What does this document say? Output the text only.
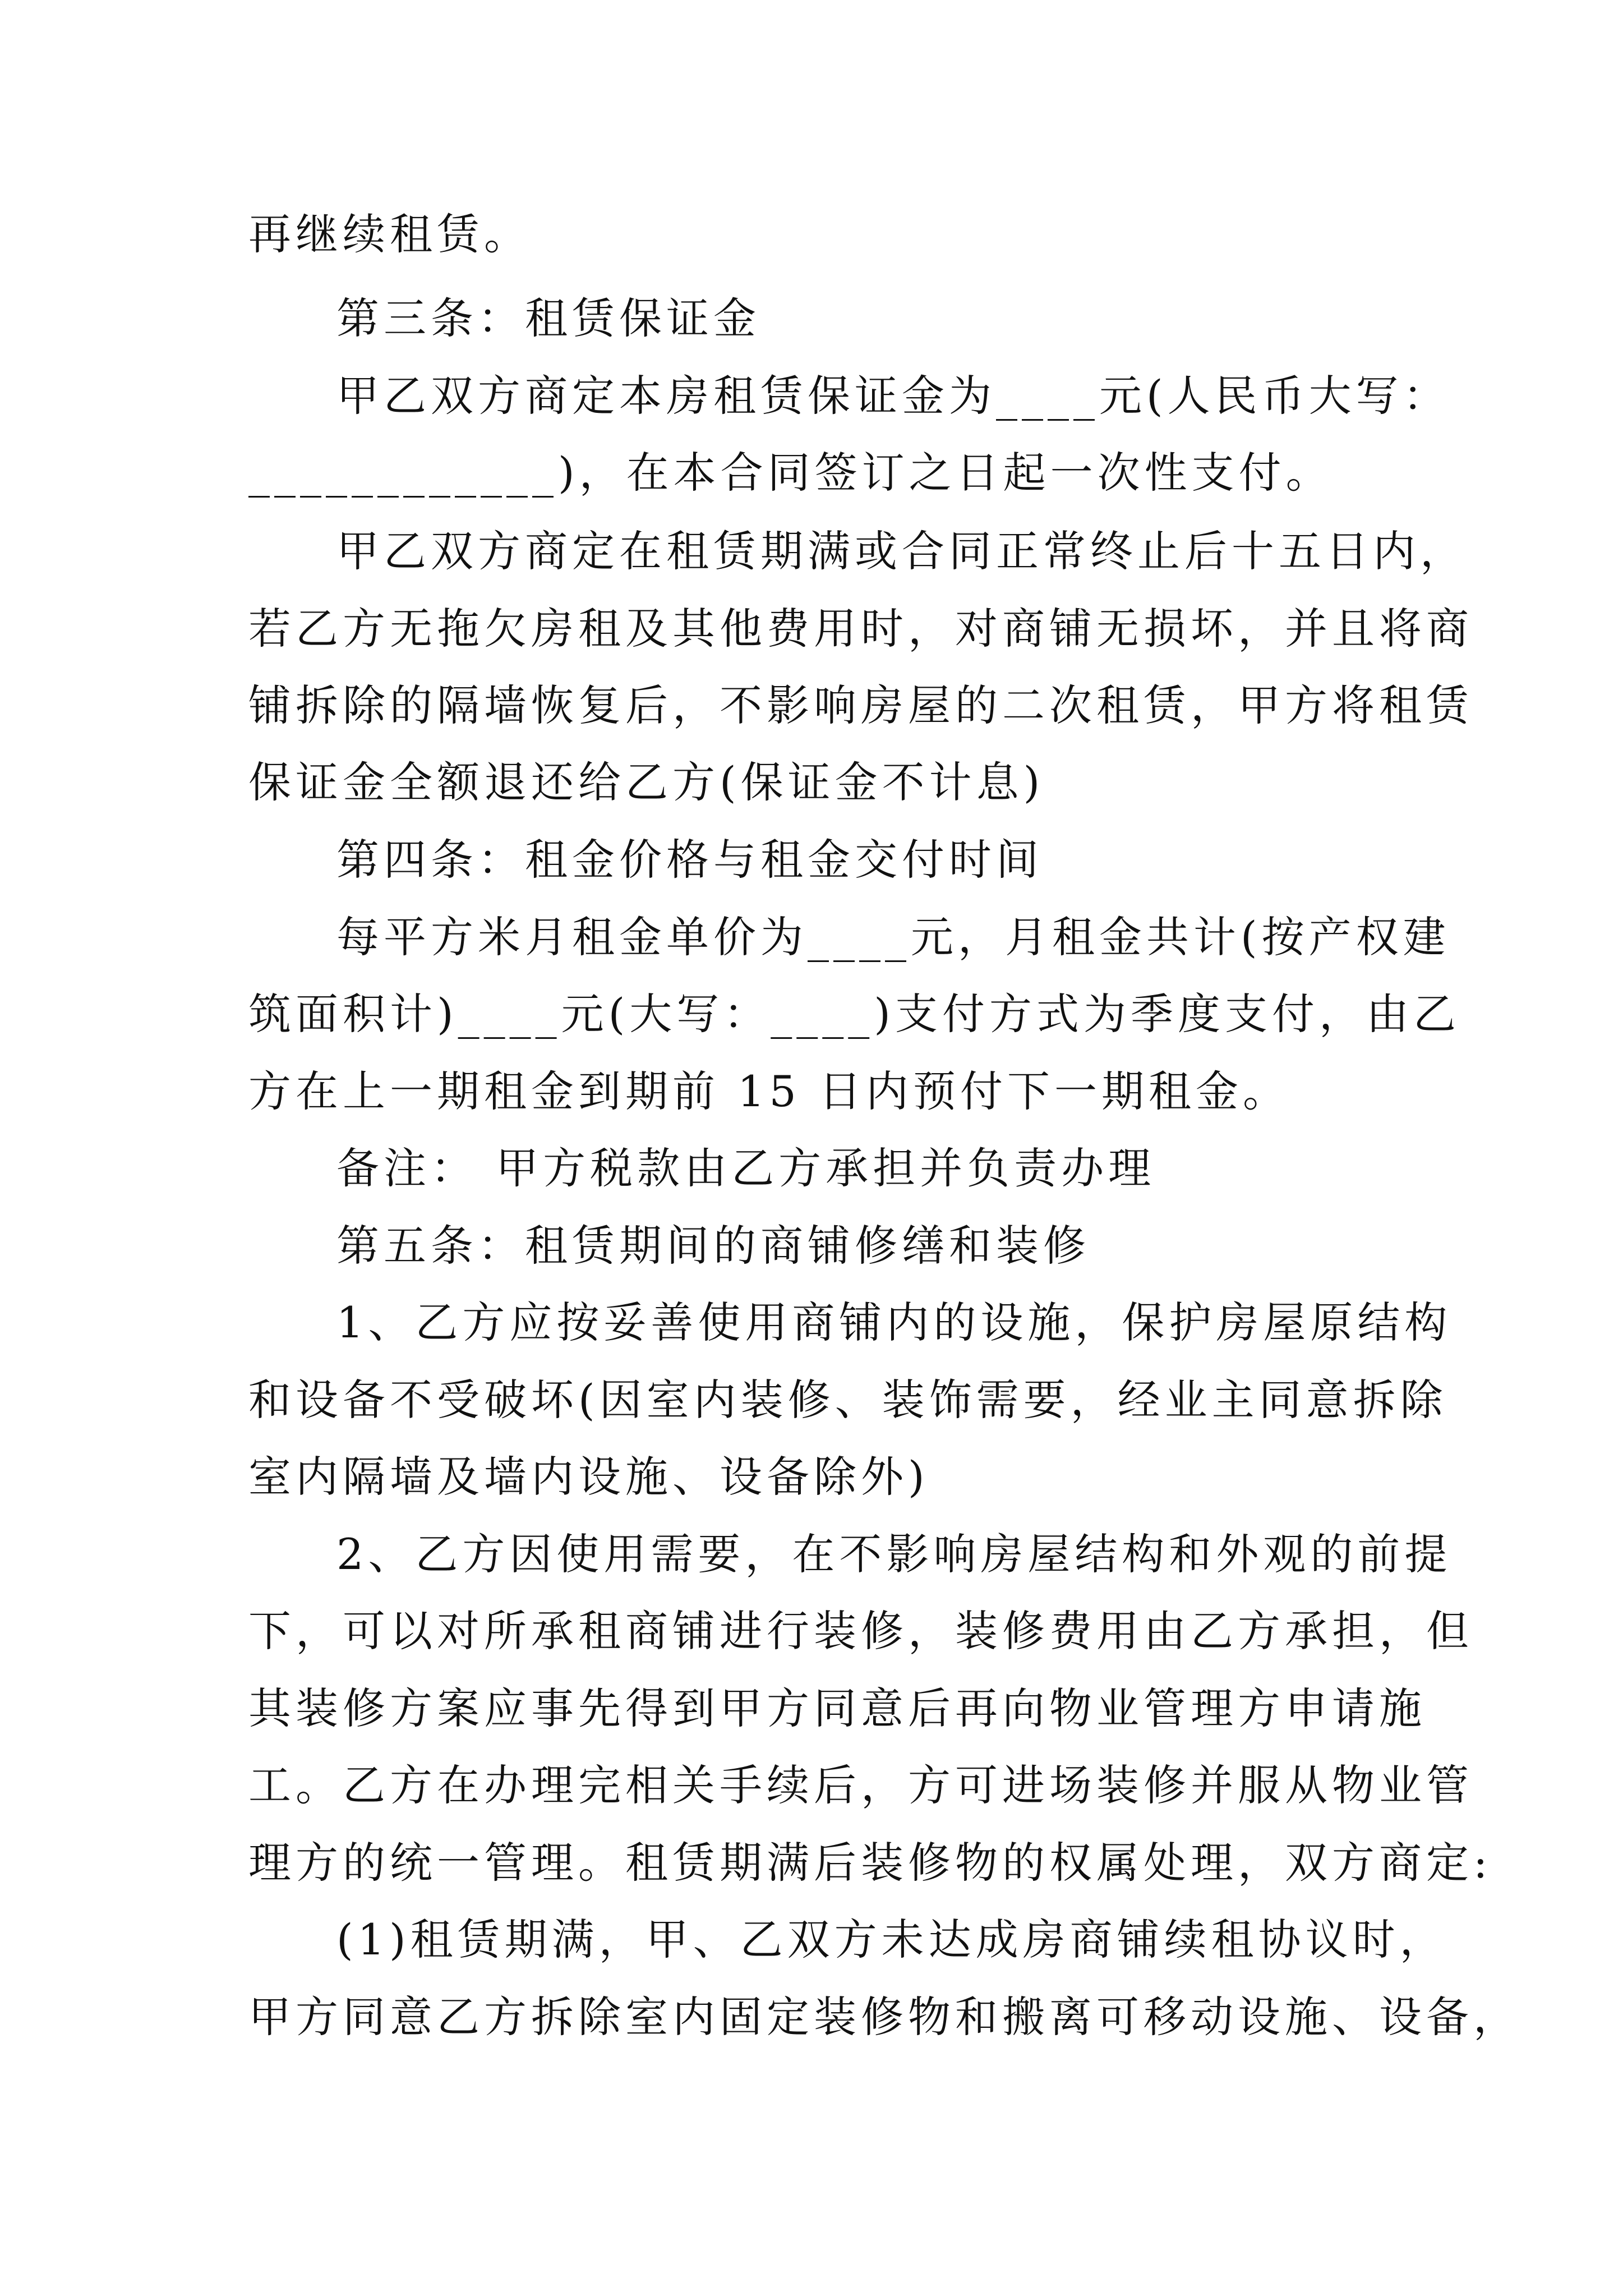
再继续租赁。
第三条：租赁保证金
甲乙双方商定本房租赁保证金为____元(人民币大写：
____________)，在本合同签订之日起一次性支付。
甲乙双方商定在租赁期满或合同正常终止后十五日内，
若乙方无拖欠房租及其他费用时，对商铺无损坏，并且将商
铺拆除的隔墙恢复后，不影响房屋的二次租赁，甲方将租赁
保证金全额退还给乙方(保证金不计息)
第四条：租金价格与租金交付时间
每平方米月租金单价为____元，月租金共计(按产权建
筑面积计)____元(大写：____)支付方式为季度支付，由乙
方在上一期租金到期前 15 日内预付下一期租金。
备注： 甲方税款由乙方承担并负责办理
第五条：租赁期间的商铺修缮和装修
1、乙方应按妥善使用商铺内的设施，保护房屋原结构
和设备不受破坏(因室内装修、装饰需要，经业主同意拆除
室内隔墙及墙内设施、设备除外)
2、乙方因使用需要，在不影响房屋结构和外观的前提
下，可以对所承租商铺进行装修，装修费用由乙方承担，但
其装修方案应事先得到甲方同意后再向物业管理方申请施
工。乙方在办理完相关手续后，方可进场装修并服从物业管
理方的统一管理。租赁期满后装修物的权属处理，双方商定:
(1)租赁期满，甲、乙双方未达成房商铺续租协议时，
甲方同意乙方拆除室内固定装修物和搬离可移动设施、设备，
